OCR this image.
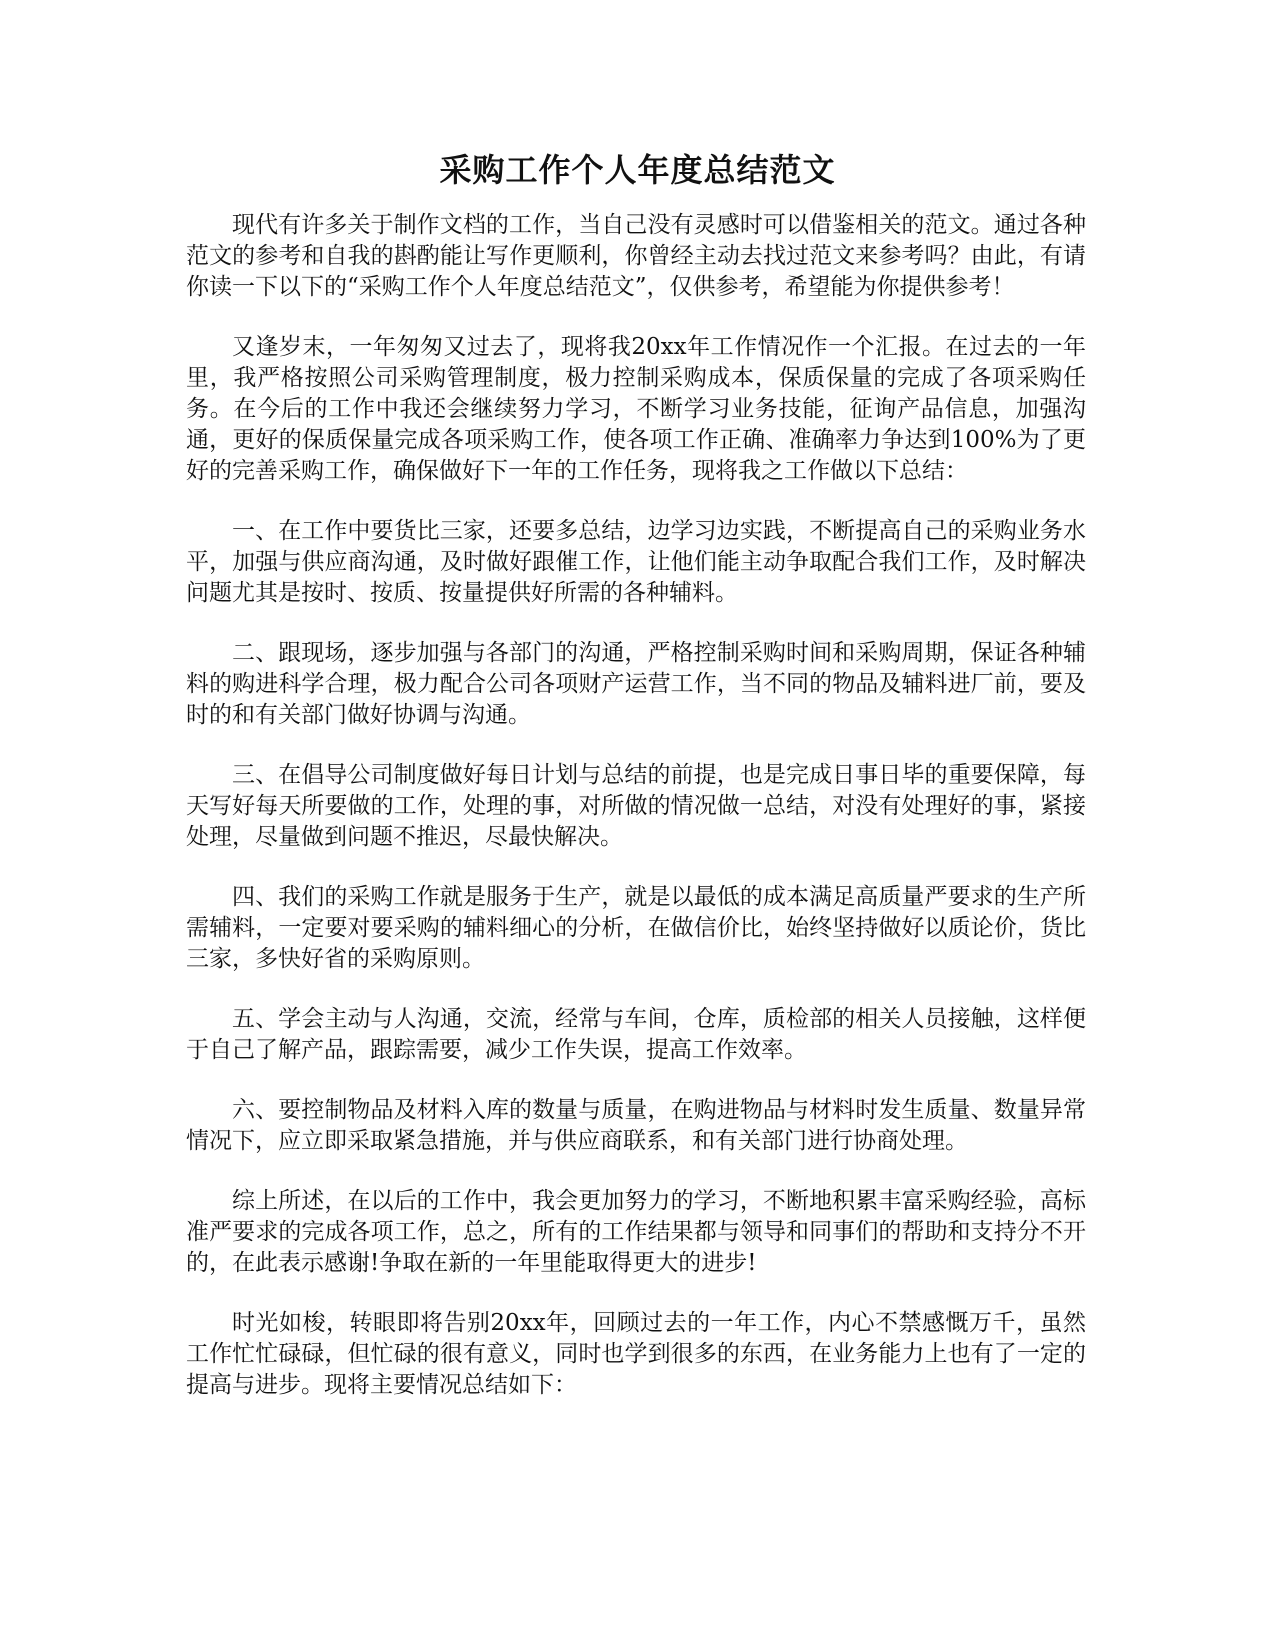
采购工作个人年度总结范文

现代有许多关于制作文档的工作，当自己没有灵感时可以借鉴相关的范文。通过各种范文的参考和自我的斟酌能让写作更顺利，你曾经主动去找过范文来参考吗？由此，有请你读一下以下的“采购工作个人年度总结范文”，仅供参考，希望能为你提供参考！

又逢岁末，一年匆匆又过去了，现将我20xx年工作情况作一个汇报。在过去的一年里，我严格按照公司采购管理制度，极力控制采购成本，保质保量的完成了各项采购任务。在今后的工作中我还会继续努力学习，不断学习业务技能，征询产品信息，加强沟通，更好的保质保量完成各项采购工作，使各项工作正确、准确率力争达到100%为了更好的完善采购工作，确保做好下一年的工作任务，现将我之工作做以下总结：

一、在工作中要货比三家，还要多总结，边学习边实践，不断提高自己的采购业务水平，加强与供应商沟通，及时做好跟催工作，让他们能主动争取配合我们工作，及时解决问题尤其是按时、按质、按量提供好所需的各种辅料。

二、跟现场，逐步加强与各部门的沟通，严格控制采购时间和采购周期，保证各种辅料的购进科学合理，极力配合公司各项财产运营工作，当不同的物品及辅料进厂前，要及时的和有关部门做好协调与沟通。

三、在倡导公司制度做好每日计划与总结的前提，也是完成日事日毕的重要保障，每天写好每天所要做的工作，处理的事，对所做的情况做一总结，对没有处理好的事，紧接处理，尽量做到问题不推迟，尽最快解决。

四、我们的采购工作就是服务于生产，就是以最低的成本满足高质量严要求的生产所需辅料，一定要对要采购的辅料细心的分析，在做信价比，始终坚持做好以质论价，货比三家，多快好省的采购原则。

五、学会主动与人沟通，交流，经常与车间，仓库，质检部的相关人员接触，这样便于自己了解产品，跟踪需要，减少工作失误，提高工作效率。

六、要控制物品及材料入库的数量与质量，在购进物品与材料时发生质量、数量异常情况下，应立即采取紧急措施，并与供应商联系，和有关部门进行协商处理。

综上所述，在以后的工作中，我会更加努力的学习，不断地积累丰富采购经验，高标准严要求的完成各项工作，总之，所有的工作结果都与领导和同事们的帮助和支持分不开的，在此表示感谢!争取在新的一年里能取得更大的进步!

时光如梭，转眼即将告别20xx年，回顾过去的一年工作，内心不禁感慨万千，虽然工作忙忙碌碌，但忙碌的很有意义，同时也学到很多的东西，在业务能力上也有了一定的提高与进步。现将主要情况总结如下：
